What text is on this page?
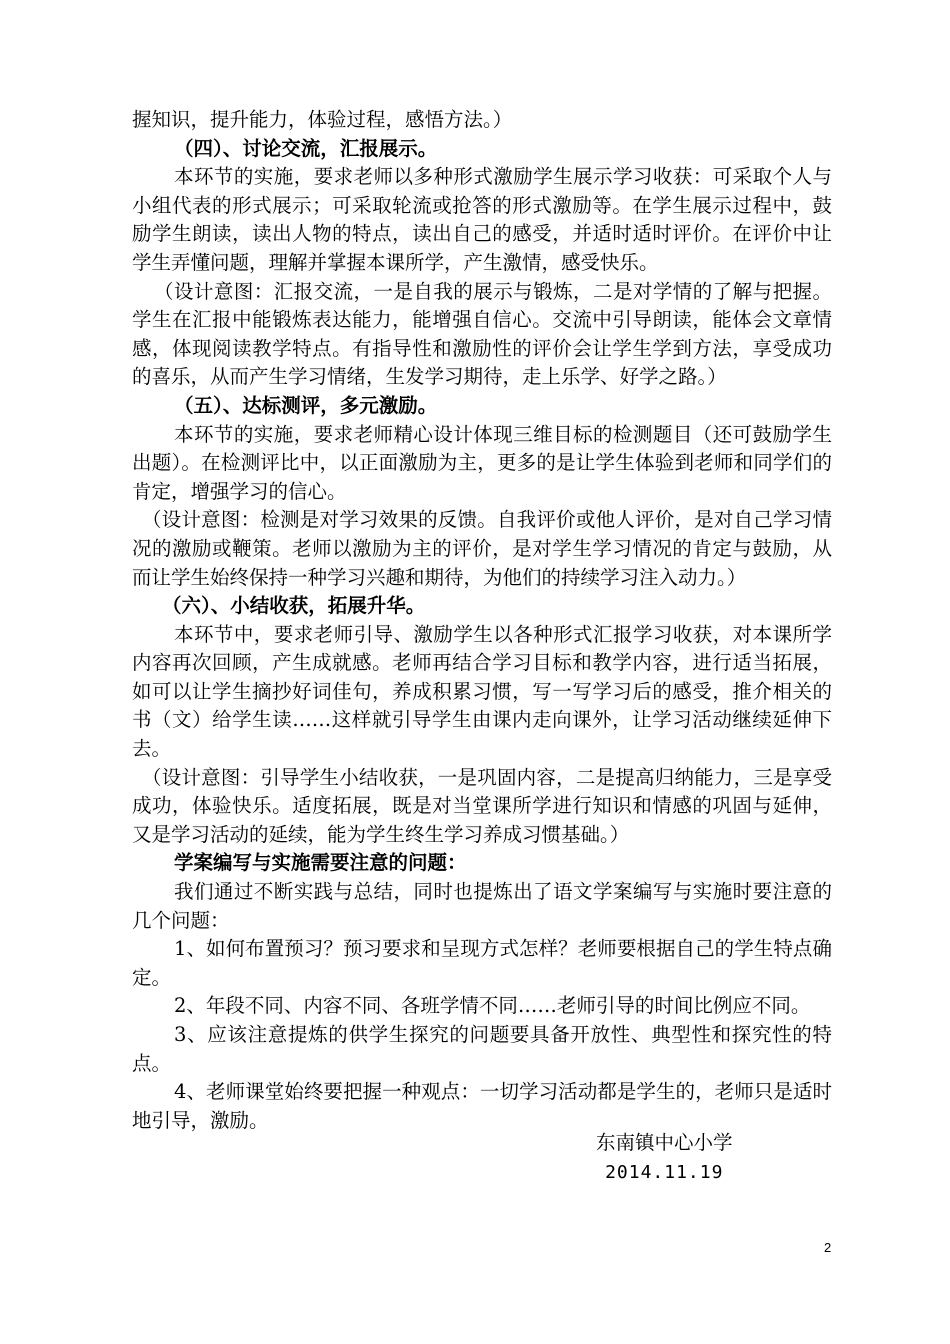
握知识，提升能力，体验过程，感悟方法。）

（四）、讨论交流，汇报展示。

本环节的实施，要求老师以多种形式激励学生展示学习收获：可采取个人与小组代表的形式展示；可采取轮流或抢答的形式激励等。在学生展示过程中，鼓励学生朗读，读出人物的特点，读出自己的感受，并适时适时评价。在评价中让学生弄懂问题，理解并掌握本课所学，产生激情，感受快乐。

（设计意图：汇报交流，一是自我的展示与锻炼，二是对学情的了解与把握。学生在汇报中能锻炼表达能力，能增强自信心。交流中引导朗读，能体会文章情感，体现阅读教学特点。有指导性和激励性的评价会让学生学到方法，享受成功的喜乐，从而产生学习情绪，生发学习期待，走上乐学、好学之路。）

（五）、达标测评，多元激励。

本环节的实施，要求老师精心设计体现三维目标的检测题目（还可鼓励学生出题）。在检测评比中，以正面激励为主，更多的是让学生体验到老师和同学们的肯定，增强学习的信心。

（设计意图：检测是对学习效果的反馈。自我评价或他人评价，是对自己学习情况的激励或鞭策。老师以激励为主的评价，是对学生学习情况的肯定与鼓励，从而让学生始终保持一种学习兴趣和期待，为他们的持续学习注入动力。）

（六）、小结收获，拓展升华。

本环节中，要求老师引导、激励学生以各种形式汇报学习收获，对本课所学内容再次回顾，产生成就感。老师再结合学习目标和教学内容，进行适当拓展，如可以让学生摘抄好词佳句，养成积累习惯，写一写学习后的感受，推介相关的书（文）给学生读……这样就引导学生由课内走向课外，让学习活动继续延伸下去。

（设计意图：引导学生小结收获，一是巩固内容，二是提高归纳能力，三是享受成功，体验快乐。适度拓展，既是对当堂课所学进行知识和情感的巩固与延伸，又是学习活动的延续，能为学生终生学习养成习惯基础。）

学案编写与实施需要注意的问题：

我们通过不断实践与总结，同时也提炼出了语文学案编写与实施时要注意的几个问题：

1、如何布置预习？预习要求和呈现方式怎样？老师要根据自己的学生特点确定。

2、年段不同、内容不同、各班学情不同……老师引导的时间比例应不同。

3、应该注意提炼的供学生探究的问题要具备开放性、典型性和探究性的特点。

4、老师课堂始终要把握一种观点：一切学习活动都是学生的，老师只是适时地引导，激励。

东南镇中心小学
2014.11.19
2
